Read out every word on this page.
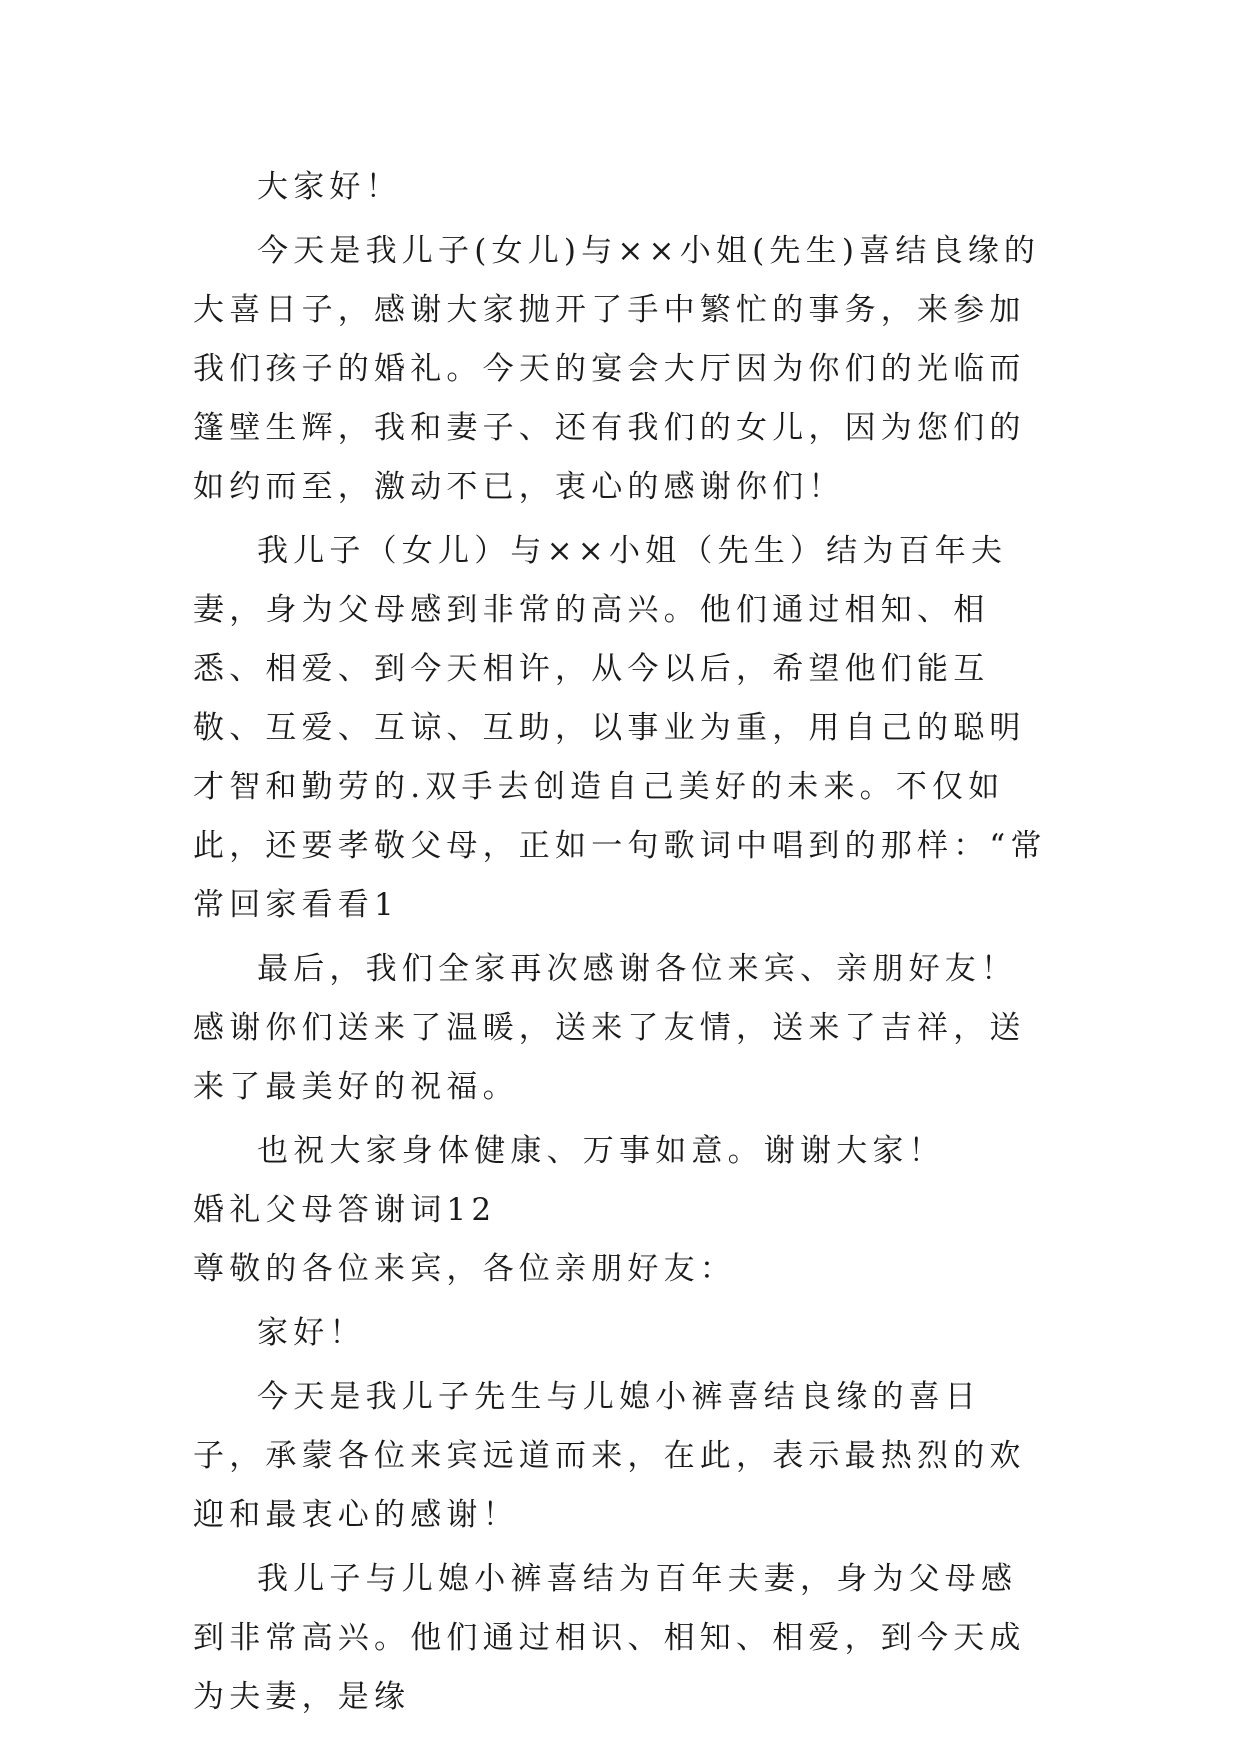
大家好！

今天是我儿子(女儿)与××小姐(先生)喜结良缘的大喜日子，感谢大家抛开了手中繁忙的事务，来参加我们孩子的婚礼。今天的宴会大厅因为你们的光临而篷壁生辉，我和妻子、还有我们的女儿，因为您们的如约而至，激动不已，衷心的感谢你们！

我儿子（女儿）与××小姐（先生）结为百年夫妻，身为父母感到非常的高兴。他们通过相知、相悉、相爱、到今天相许，从今以后，希望他们能互敬、互爱、互谅、互助，以事业为重，用自己的聪明才智和勤劳的.双手去创造自己美好的未来。不仅如此，还要孝敬父母，正如一句歌词中唱到的那样：“常常回家看看1

最后，我们全家再次感谢各位来宾、亲朋好友！感谢你们送来了温暖，送来了友情，送来了吉祥，送来了最美好的祝福。

也祝大家身体健康、万事如意。谢谢大家！

婚礼父母答谢词12

尊敬的各位来宾，各位亲朋好友：

家好！

今天是我儿子先生与儿媳小裤喜结良缘的喜日子，承蒙各位来宾远道而来，在此，表示最热烈的欢迎和最衷心的感谢！

我儿子与儿媳小裤喜结为百年夫妻，身为父母感到非常高兴。他们通过相识、相知、相爱，到今天成为夫妻，是缘
